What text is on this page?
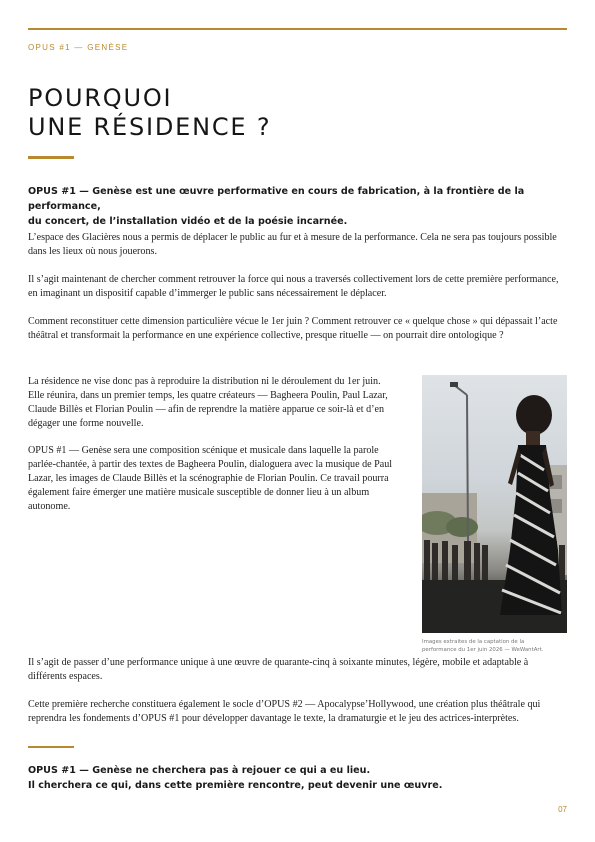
OPUS #1 — GENÈSE
POURQUOI
UNE RÉSIDENCE ?

OPUS #1 — Genèse est une œuvre performative en cours de fabrication, à la frontière de la performance,
du concert, de l’installation vidéo et de la poésie incarnée.

L’espace des Glacières nous a permis de déplacer le public au fur et à mesure de la performance. Cela ne sera pas toujours possible dans les lieux où nous jouerons.

Il s’agit maintenant de chercher comment retrouver la force qui nous a traversés collectivement lors de cette première performance, en imaginant un dispositif capable d’immerger le public sans nécessairement le déplacer.

Comment reconstituer cette dimension particulière vécue le 1er juin ? Comment retrouver ce « quelque chose » qui dépassait l’acte théâtral et transformait la performance en une expérience collective, presque rituelle — on pourrait dire ontologique ?

La résidence ne vise donc pas à reproduire la distribution ni le déroulement du 1er juin. Elle réunira, dans un premier temps, les quatre créateurs — Bagheera Poulin, Paul Lazar, Claude Billès et Florian Poulin — afin de reprendre la matière apparue ce soir-là et d’en dégager une forme nouvelle.

OPUS #1 — Genèse sera une composition scénique et musicale dans laquelle la parole parlée-chantée, à partir des textes de Bagheera Poulin, dialoguera avec la musique de Paul Lazar, les images de Claude Billès et la scénographie de Florian Poulin. Ce travail pourra également faire émerger une matière musicale susceptible de donner lieu à un album autonome.

Images extraites de la captation de la
performance du 1er juin 2026 — WeWantArt.

Il s’agit de passer d’une performance unique à une œuvre de quarante-cinq à soixante minutes, légère, mobile et adaptable à différents espaces.

Cette première recherche constituera également le socle d’OPUS #2 — Apocalypse’Hollywood, une création plus théâtrale qui reprendra les fondements d’OPUS #1 pour développer davantage le texte, la dramaturgie et le jeu des actrices-interprètes.

OPUS #1 — Genèse ne cherchera pas à rejouer ce qui a eu lieu.
Il cherchera ce qui, dans cette première rencontre, peut devenir une œuvre.

07
